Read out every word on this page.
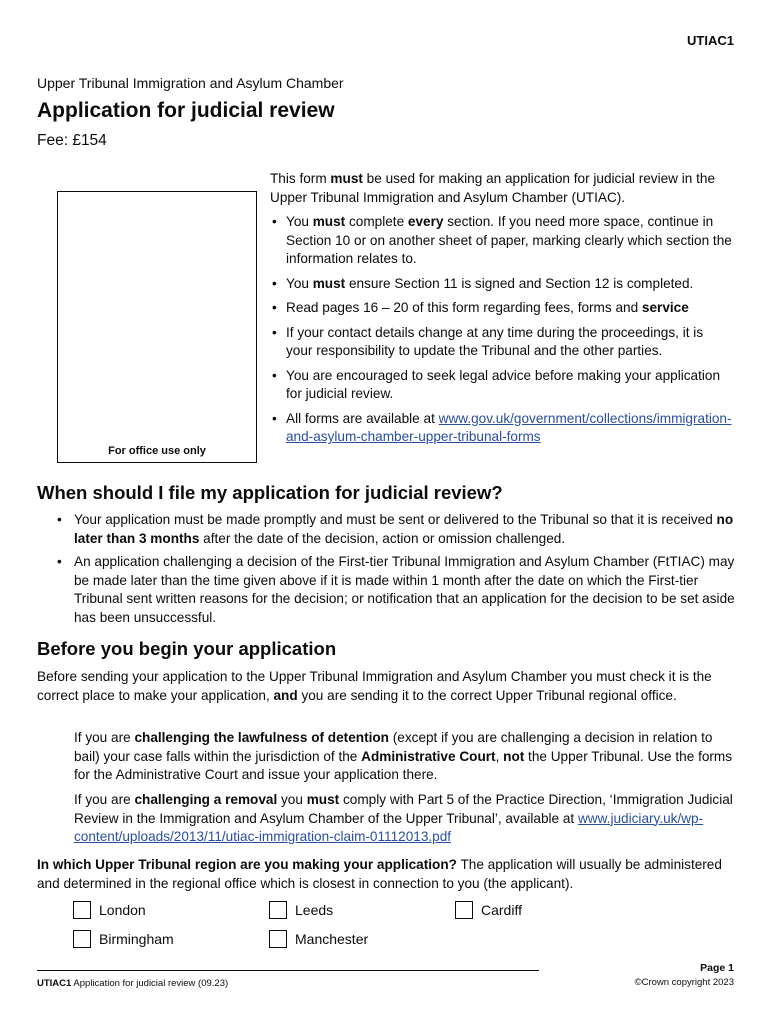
UTIAC1
Upper Tribunal Immigration and Asylum Chamber
Application for judicial review
Fee: £154
For office use only

This form must be used for making an application for judicial review in the Upper Tribunal Immigration and Asylum Chamber (UTIAC).

• You must complete every section. If you need more space, continue in Section 10 or on another sheet of paper, marking clearly which section the information relates to.
• You must ensure Section 11 is signed and Section 12 is completed.
• Read pages 16 – 20 of this form regarding fees, forms and service
• If your contact details change at any time during the proceedings, it is your responsibility to update the Tribunal and the other parties.
• You are encouraged to seek legal advice before making your application for judicial review.
• All forms are available at www.gov.uk/government/collections/immigration-and-asylum-chamber-upper-tribunal-forms
When should I file my application for judicial review?
• Your application must be made promptly and must be sent or delivered to the Tribunal so that it is received no later than 3 months after the date of the decision, action or omission challenged.
• An application challenging a decision of the First-tier Tribunal Immigration and Asylum Chamber (FtTIAC) may be made later than the time given above if it is made within 1 month after the date on which the First-tier Tribunal sent written reasons for the decision; or notification that an application for the decision to be set aside has been unsuccessful.
Before you begin your application

Before sending your application to the Upper Tribunal Immigration and Asylum Chamber you must check it is the correct place to make your application, and you are sending it to the correct Upper Tribunal regional office.

If you are challenging the lawfulness of detention (except if you are challenging a decision in relation to bail) your case falls within the jurisdiction of the Administrative Court, not the Upper Tribunal. Use the forms for the Administrative Court and issue your application there.

If you are challenging a removal you must comply with Part 5 of the Practice Direction, ‘Immigration Judicial Review in the Immigration and Asylum Chamber of the Upper Tribunal’, available at www.judiciary.uk/wp-content/uploads/2013/11/utiac-immigration-claim-01112013.pdf

In which Upper Tribunal region are you making your application? The application will usually be administered and determined in the regional office which is closest in connection to you (the applicant).

London	Leeds	Cardiff
Birmingham	Manchester
UTIAC1 Application for judicial review (09.23)
Page 1
©Crown copyright 2023
